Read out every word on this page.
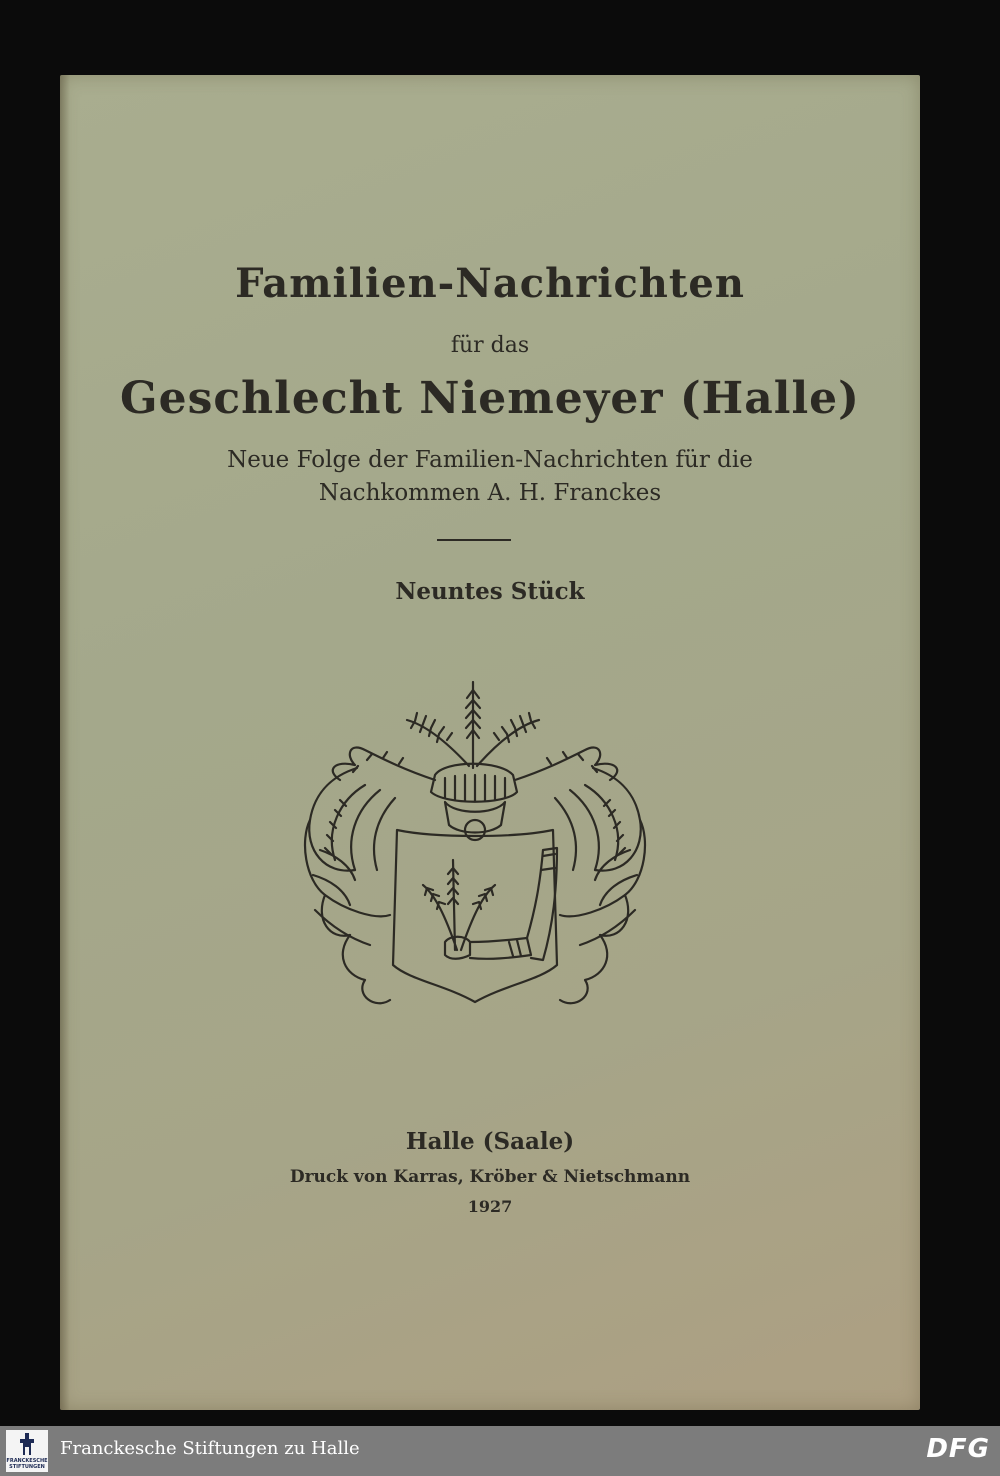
Familien-Nachrichten
für das
Geschlecht Niemeyer (Halle)
Neue Folge der Familien-Nachrichten für die
Nachkommen A. H. Franckes
Neuntes Stück
Halle (Saale)
Druck von Karras, Kröber & Nietschmann
1927
FRANCKESCHE
STIFTUNGEN
Franckesche Stiftungen zu Halle	DFG
